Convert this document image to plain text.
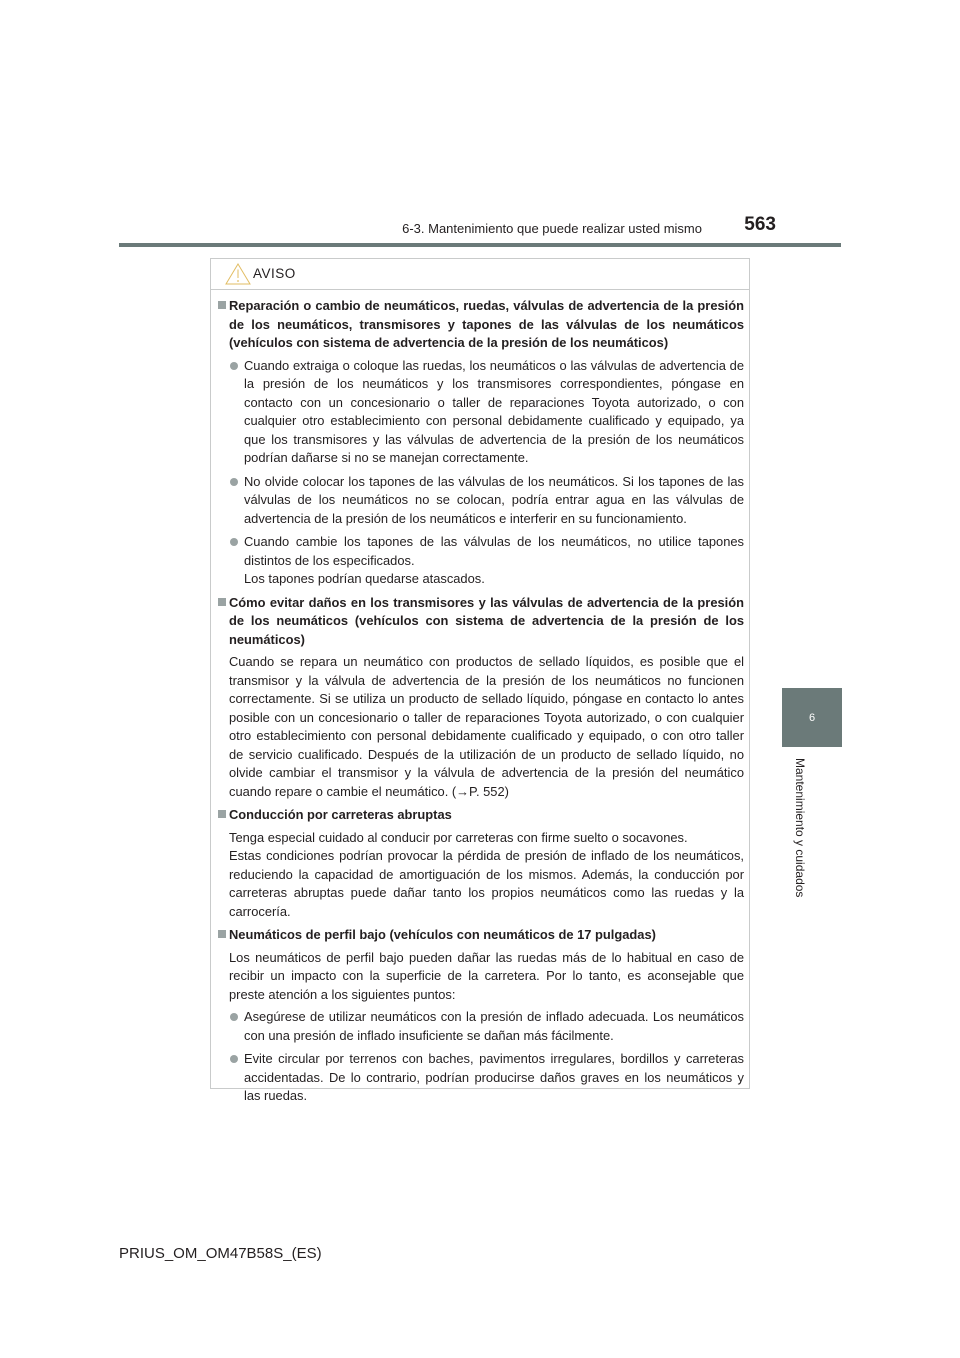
6-3. Mantenimiento que puede realizar usted mismo	563
6
Mantenimiento y cuidados
AVISO
Reparación o cambio de neumáticos, ruedas, válvulas de advertencia de la presión de los neumáticos, transmisores y tapones de las válvulas de los neumáticos (vehículos con sistema de advertencia de la presión de los neumáticos)
Cuando extraiga o coloque las ruedas, los neumáticos o las válvulas de advertencia de la presión de los neumáticos y los transmisores correspondientes, póngase en contacto con un concesionario o taller de reparaciones Toyota autorizado, o con cualquier otro establecimiento con personal debidamente cualificado y equipado, ya que los transmisores y las válvulas de advertencia de la presión de los neumáticos podrían dañarse si no se manejan correctamente.
No olvide colocar los tapones de las válvulas de los neumáticos. Si los tapones de las válvulas de los neumáticos no se colocan, podría entrar agua en las válvulas de advertencia de la presión de los neumáticos e interferir en su funcionamiento.
Cuando cambie los tapones de las válvulas de los neumáticos, no utilice tapones distintos de los especificados.
Los tapones podrían quedarse atascados.
Cómo evitar daños en los transmisores y las válvulas de advertencia de la presión de los neumáticos (vehículos con sistema de advertencia de la presión de los neumáticos)
Cuando se repara un neumático con productos de sellado líquidos, es posible que el transmisor y la válvula de advertencia de la presión de los neumáticos no funcionen correctamente. Si se utiliza un producto de sellado líquido, póngase en contacto lo antes posible con un concesionario o taller de reparaciones Toyota autorizado, o con cualquier otro establecimiento con personal debidamente cualificado y equipado, o con otro taller de servicio cualificado. Después de la utilización de un producto de sellado líquido, no olvide cambiar el transmisor y la válvula de advertencia de la presión del neumático cuando repare o cambie el neumático. (→P. 552)
Conducción por carreteras abruptas
Tenga especial cuidado al conducir por carreteras con firme suelto o socavones.
Estas condiciones podrían provocar la pérdida de presión de inflado de los neumáticos, reduciendo la capacidad de amortiguación de los mismos. Además, la conducción por carreteras abruptas puede dañar tanto los propios neumáticos como las ruedas y la carrocería.
Neumáticos de perfil bajo (vehículos con neumáticos de 17 pulgadas)
Los neumáticos de perfil bajo pueden dañar las ruedas más de lo habitual en caso de recibir un impacto con la superficie de la carretera. Por lo tanto, es aconsejable que preste atención a los siguientes puntos:
Asegúrese de utilizar neumáticos con la presión de inflado adecuada. Los neumáticos con una presión de inflado insuficiente se dañan más fácilmente.
Evite circular por terrenos con baches, pavimentos irregulares, bordillos y carreteras accidentadas. De lo contrario, podrían producirse daños graves en los neumáticos y las ruedas.
PRIUS_OM_OM47B58S_(ES)
